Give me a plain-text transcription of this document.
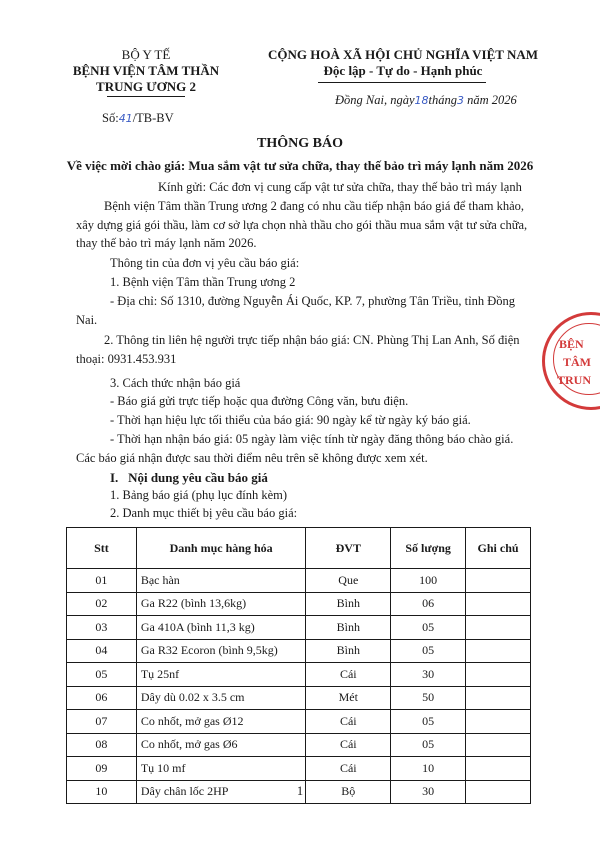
BỘ Y TẾ
BỆNH VIỆN TÂM THẦN
TRUNG ƯƠNG 2
Số:41/TB-BV
CỘNG HOÀ XÃ HỘI CHỦ NGHĨA VIỆT NAM
Độc lập - Tự do - Hạnh phúc
Đồng Nai, ngày18tháng3 năm 2026
THÔNG BÁO
Về việc mời chào giá: Mua sắm vật tư sửa chữa, thay thế bảo trì máy lạnh năm 2026
Kính gửi: Các đơn vị cung cấp vật tư sửa chữa, thay thế bảo trì máy lạnh
Bệnh viện Tâm thần Trung ương 2 đang có nhu cầu tiếp nhận báo giá để tham khảo,
xây dựng giá gói thầu, làm cơ sở lựa chọn nhà thầu cho gói thầu mua sắm vật tư sửa chữa,
thay thế bảo trì máy lạnh năm 2026.
Thông tin của đơn vị yêu cầu báo giá:
1. Bệnh viện Tâm thần Trung ương 2
- Địa chỉ: Số 1310, đường Nguyễn Ái Quốc, KP. 7, phường Tân Triều, tỉnh Đồng
Nai.
2. Thông tin liên hệ người trực tiếp nhận báo giá: CN. Phùng Thị Lan Anh, Số điện
thoại: 0931.453.931
3. Cách thức nhận báo giá
- Báo giá gửi trực tiếp hoặc qua đường Công văn, bưu điện.
- Thời hạn hiệu lực tối thiểu của báo giá: 90 ngày kể từ ngày ký báo giá.
- Thời hạn nhận báo giá: 05 ngày làm việc tính từ ngày đăng thông báo chào giá.
Các báo giá nhận được sau thời điểm nêu trên sẽ không được xem xét.
I. Nội dung yêu cầu báo giá
1. Bảng báo giá (phụ lục đính kèm)
Stt	Danh mục hàng hóa	ĐVT	Số lượng	Ghi chú
01	Bạc hàn	Que	100	
02	Ga R22 (bình 13,6kg)	Bình	06	
03	Ga 410A (bình 11,3 kg)	Bình	05	
04	Ga R32 Ecoron (bình 9,5kg)	Bình	05	
05	Tụ 25nf	Cái	30	
06	Dây dù 0.02 x 3.5 cm	Mét	50	
07	Co nhốt, mở gas Ø12	Cái	05	
08	Co nhốt, mở gas Ø6	Cái	05	
09	Tụ 10 mf	Cái	10	
10	Dây chân lốc 2HP	Bộ	30	
2. Danh mục thiết bị yêu cầu báo giá:
1
BỆN
TÂM
TRUN
